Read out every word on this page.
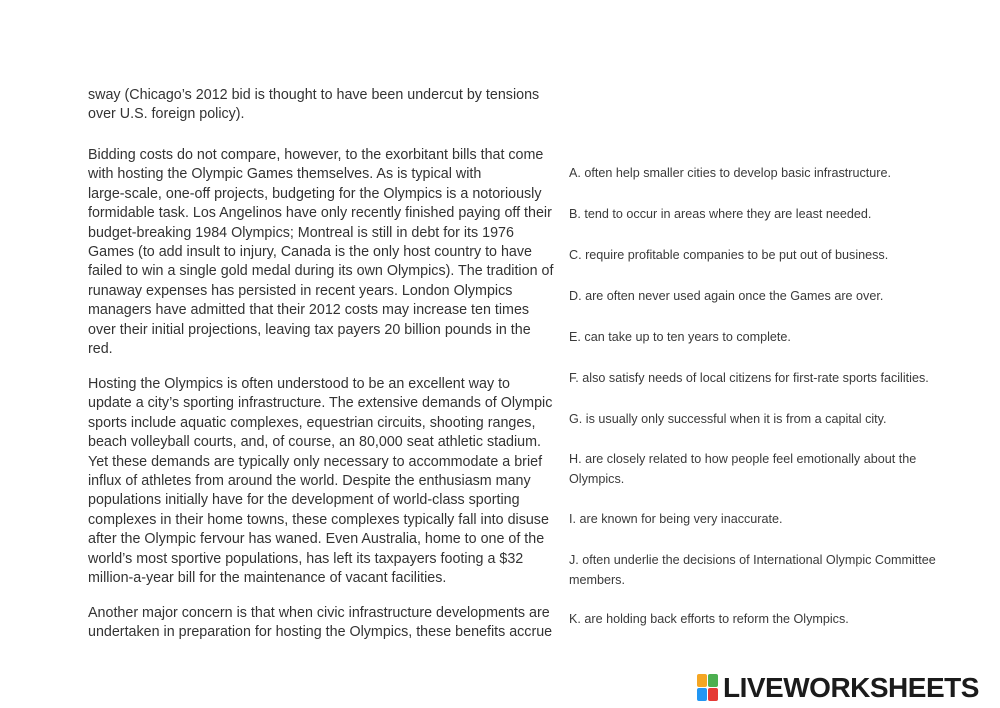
sway (Chicago’s 2012 bid is thought to have been undercut by tensions
over U.S. foreign policy).

Bidding costs do not compare, however, to the exorbitant bills that come
with hosting the Olympic Games themselves. As is typical with
large-scale, one-off projects, budgeting for the Olympics is a notoriously
formidable task. Los Angelinos have only recently finished paying off their
budget-breaking 1984 Olympics; Montreal is still in debt for its 1976
Games (to add insult to injury, Canada is the only host country to have
failed to win a single gold medal during its own Olympics). The tradition of
runaway expenses has persisted in recent years. London Olympics
managers have admitted that their 2012 costs may increase ten times
over their initial projections, leaving tax payers 20 billion pounds in the
red.

Hosting the Olympics is often understood to be an excellent way to
update a city’s sporting infrastructure. The extensive demands of Olympic
sports include aquatic complexes, equestrian circuits, shooting ranges,
beach volleyball courts, and, of course, an 80,000 seat athletic stadium.
Yet these demands are typically only necessary to accommodate a brief
influx of athletes from around the world. Despite the enthusiasm many
populations initially have for the development of world-class sporting
complexes in their home towns, these complexes typically fall into disuse
after the Olympic fervour has waned. Even Australia, home to one of the
world’s most sportive populations, has left its taxpayers footing a $32
million-a-year bill for the maintenance of vacant facilities.

Another major concern is that when civic infrastructure developments are
undertaken in preparation for hosting the Olympics, these benefits accrue

A. often help smaller cities to develop basic infrastructure.
B. tend to occur in areas where they are least needed.
C. require profitable companies to be put out of business.
D. are often never used again once the Games are over.
E. can take up to ten years to complete.
F. also satisfy needs of local citizens for first-rate sports facilities.
G. is usually only successful when it is from a capital city.
H. are closely related to how people feel emotionally about the
Olympics.
I. are known for being very inaccurate.
J. often underlie the decisions of International Olympic Committee
members.
K. are holding back efforts to reform the Olympics.
LIVEWORKSHEETS
